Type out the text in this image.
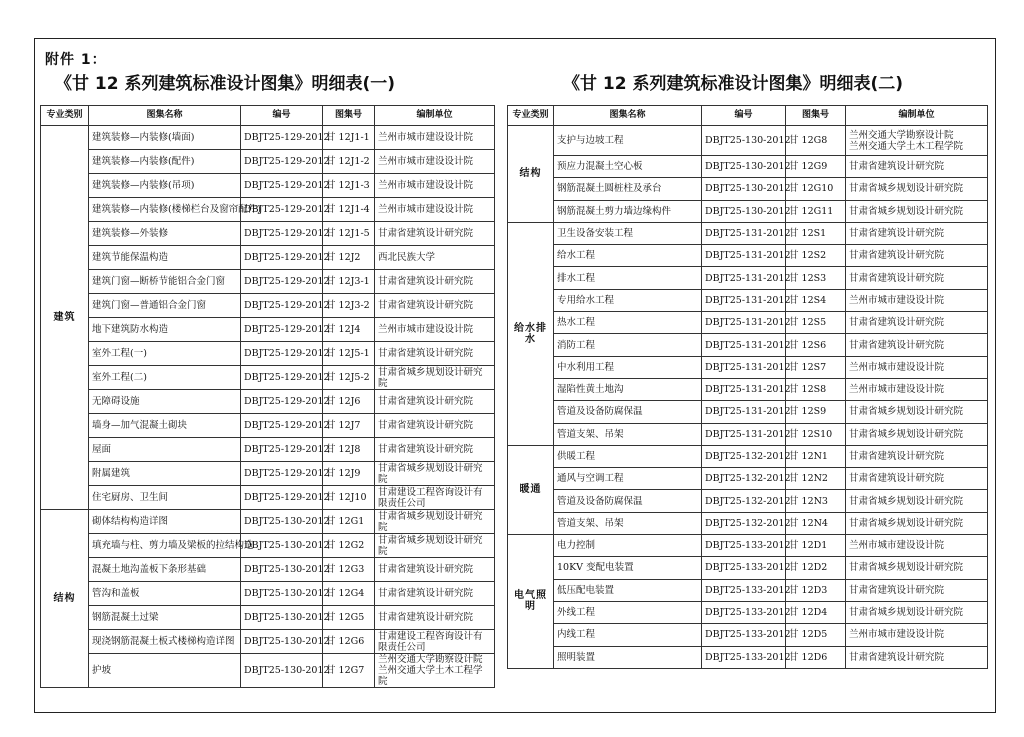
附件 1：
《甘 12 系列建筑标准设计图集》明细表(一)	《甘 12 系列建筑标准设计图集》明细表(二)
专业类别	图集名称	编号	图集号	编制单位
建筑	建筑装修—内装修(墙面)	DBJT25-129-2012	甘 12J1-1	兰州市城市建设设计院

	建筑装修—内装修(配件)	DBJT25-129-2012	甘 12J1-2	兰州市城市建设设计院

	建筑装修—内装修(吊项)	DBJT25-129-2012	甘 12J1-3	兰州市城市建设设计院

	建筑装修—内装修(楼梯栏台及窗帘配件)	DBJT25-129-2012	甘 12J1-4	兰州市城市建设设计院

	建筑装修—外装修	DBJT25-129-2012	甘 12J1-5	甘肃省建筑设计研究院

	建筑节能保温构造	DBJT25-129-2012	甘 12J2	西北民族大学

	建筑门窗—断桥节能铝合金门窗	DBJT25-129-2012	甘 12J3-1	甘肃省建筑设计研究院

	建筑门窗—普通铝合金门窗	DBJT25-129-2012	甘 12J3-2	甘肃省建筑设计研究院

	地下建筑防水构造	DBJT25-129-2012	甘 12J4	兰州市城市建设设计院

	室外工程(一)	DBJT25-129-2012	甘 12J5-1	甘肃省建筑设计研究院

	室外工程(二)	DBJT25-129-2012	甘 12J5-2	甘肃省城乡规划设计研究院

	无障碍设施	DBJT25-129-2012	甘 12J6	甘肃省建筑设计研究院

	墙身—加气混凝土砌块	DBJT25-129-2012	甘 12J7	甘肃省建筑设计研究院

	屋面	DBJT25-129-2012	甘 12J8	甘肃省建筑设计研究院

	附属建筑	DBJT25-129-2012	甘 12J9	甘肃省城乡规划设计研究院

	住宅厨房、卫生间	DBJT25-129-2012	甘 12J10	甘肃建设工程咨询设计有限责任公司

结构	砌体结构构造详图	DBJT25-130-2012	甘 12G1	甘肃省城乡规划设计研究院

	填充墙与柱、剪力墙及梁板的拉结构造	DBJT25-130-2012	甘 12G2	甘肃省城乡规划设计研究院

	混凝土地沟盖板下条形基础	DBJT25-130-2012	甘 12G3	甘肃省建筑设计研究院

	管沟和盖板	DBJT25-130-2012	甘 12G4	甘肃省建筑设计研究院

	钢筋混凝土过梁	DBJT25-130-2012	甘 12G5	甘肃省建筑设计研究院

	现浇钢筋混凝土板式楼梯构造详图	DBJT25-130-2012	甘 12G6	甘肃建设工程咨询设计有限责任公司

	护坡	DBJT25-130-2012	甘 12G7	兰州交通大学勘察设计院
兰州交通大学土木工程学院
专业类别	图集名称	编号	图集号	编制单位
结构	支护与边坡工程	DBJT25-130-2012	甘 12G8	兰州交通大学勘察设计院
兰州交通大学土木工程学院

	预应力混凝土空心板	DBJT25-130-2012	甘 12G9	甘肃省建筑设计研究院

	钢筋混凝土圆桩柱及承台	DBJT25-130-2012	甘 12G10	甘肃省城乡规划设计研究院

	钢筋混凝土剪力墙边缘构件	DBJT25-130-2012	甘 12G11	甘肃省城乡规划设计研究院

给水排水	卫生设备安装工程	DBJT25-131-2012	甘 12S1	甘肃省建筑设计研究院

	给水工程	DBJT25-131-2012	甘 12S2	甘肃省建筑设计研究院

	排水工程	DBJT25-131-2012	甘 12S3	甘肃省建筑设计研究院

	专用给水工程	DBJT25-131-2012	甘 12S4	兰州市城市建设设计院

	热水工程	DBJT25-131-2012	甘 12S5	甘肃省建筑设计研究院

	消防工程	DBJT25-131-2012	甘 12S6	甘肃省建筑设计研究院

	中水利用工程	DBJT25-131-2012	甘 12S7	兰州市城市建设设计院

	湿陷性黄土地沟	DBJT25-131-2012	甘 12S8	兰州市城市建设设计院

	管道及设备防腐保温	DBJT25-131-2012	甘 12S9	甘肃省城乡规划设计研究院

	管道支架、吊架	DBJT25-131-2012	甘 12S10	甘肃省城乡规划设计研究院

暖通	供暖工程	DBJT25-132-2012	甘 12N1	甘肃省建筑设计研究院

	通风与空调工程	DBJT25-132-2012	甘 12N2	甘肃省建筑设计研究院

	管道及设备防腐保温	DBJT25-132-2012	甘 12N3	甘肃省城乡规划设计研究院

	管道支架、吊架	DBJT25-132-2012	甘 12N4	甘肃省城乡规划设计研究院

电气照明	电力控制	DBJT25-133-2012	甘 12D1	兰州市城市建设设计院

	10KV 变配电装置	DBJT25-133-2012	甘 12D2	甘肃省城乡规划设计研究院

	低压配电装置	DBJT25-133-2012	甘 12D3	甘肃省建筑设计研究院

	外线工程	DBJT25-133-2012	甘 12D4	甘肃省城乡规划设计研究院

	内线工程	DBJT25-133-2012	甘 12D5	兰州市城市建设设计院

	照明装置	DBJT25-133-2012	甘 12D6	甘肃省建筑设计研究院
